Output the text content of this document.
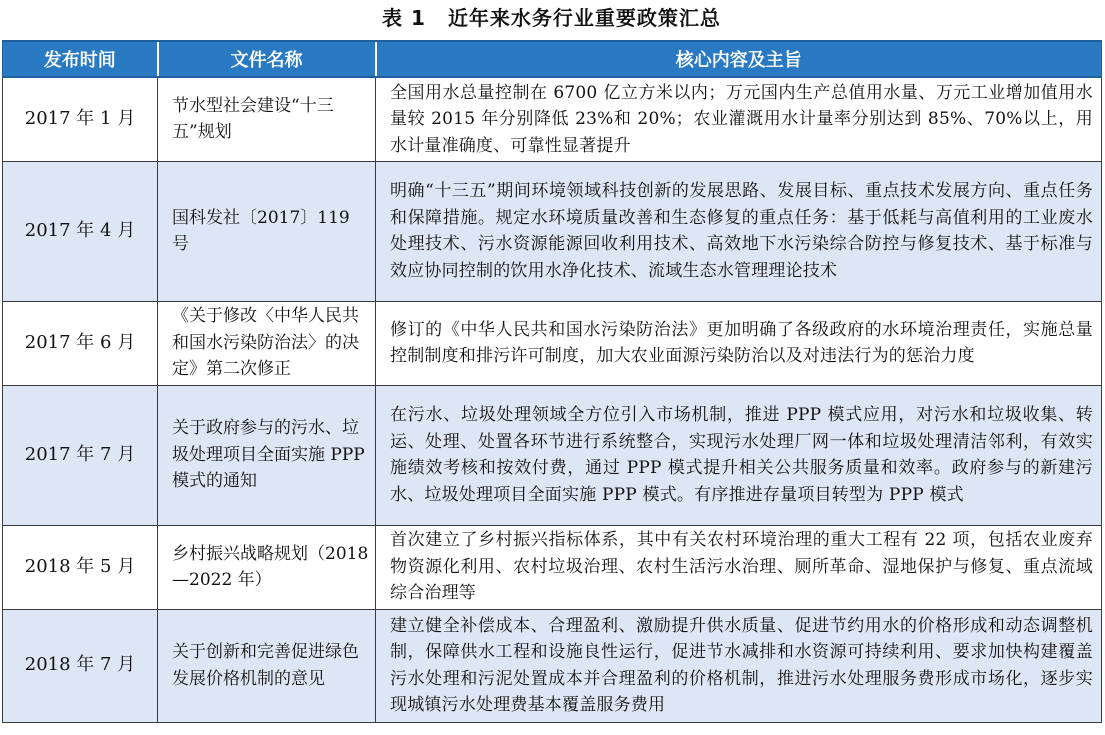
表 1 近年来水务行业重要政策汇总
发布时间	文件名称	核心内容及主旨
2017 年 1 月	节水型社会建设“十三五”规划	全国用水总量控制在 6700 亿立方米以内；万元国内生产总值用水量、万元工业增加值用水量较 2015 年分别降低 23%和 20%；农业灌溉用水计量率分别达到 85%、70%以上，用水计量准确度、可靠性显著提升
2017 年 4 月	国科发社〔2017〕119 号	明确“十三五”期间环境领域科技创新的发展思路、发展目标、重点技术发展方向、重点任务和保障措施。规定水环境质量改善和生态修复的重点任务：基于低耗与高值利用的工业废水处理技术、污水资源能源回收利用技术、高效地下水污染综合防控与修复技术、基于标准与效应协同控制的饮用水净化技术、流域生态水管理理论技术
2017 年 6 月	《关于修改〈中华人民共和国水污染防治法〉的决定》第二次修正	修订的《中华人民共和国水污染防治法》更加明确了各级政府的水环境治理责任，实施总量控制制度和排污许可制度，加大农业面源污染防治以及对违法行为的惩治力度
2017 年 7 月	关于政府参与的污水、垃圾处理项目全面实施 PPP 模式的通知	在污水、垃圾处理领域全方位引入市场机制，推进 PPP 模式应用，对污水和垃圾收集、转运、处理、处置各环节进行系统整合，实现污水处理厂网一体和垃圾处理清洁邻利，有效实施绩效考核和按效付费，通过 PPP 模式提升相关公共服务质量和效率。政府参与的新建污水、垃圾处理项目全面实施 PPP 模式。有序推进存量项目转型为 PPP 模式
2018 年 5 月	乡村振兴战略规划（2018—2022 年）	首次建立了乡村振兴指标体系，其中有关农村环境治理的重大工程有 22 项，包括农业废弃物资源化利用、农村垃圾治理、农村生活污水治理、厕所革命、湿地保护与修复、重点流域综合治理等
2018 年 7 月	关于创新和完善促进绿色发展价格机制的意见	建立健全补偿成本、合理盈利、激励提升供水质量、促进节约用水的价格形成和动态调整机制，保障供水工程和设施良性运行，促进节水减排和水资源可持续利用、要求加快构建覆盖污水处理和污泥处置成本并合理盈利的价格机制，推进污水处理服务费形成市场化，逐步实现城镇污水处理费基本覆盖服务费用
